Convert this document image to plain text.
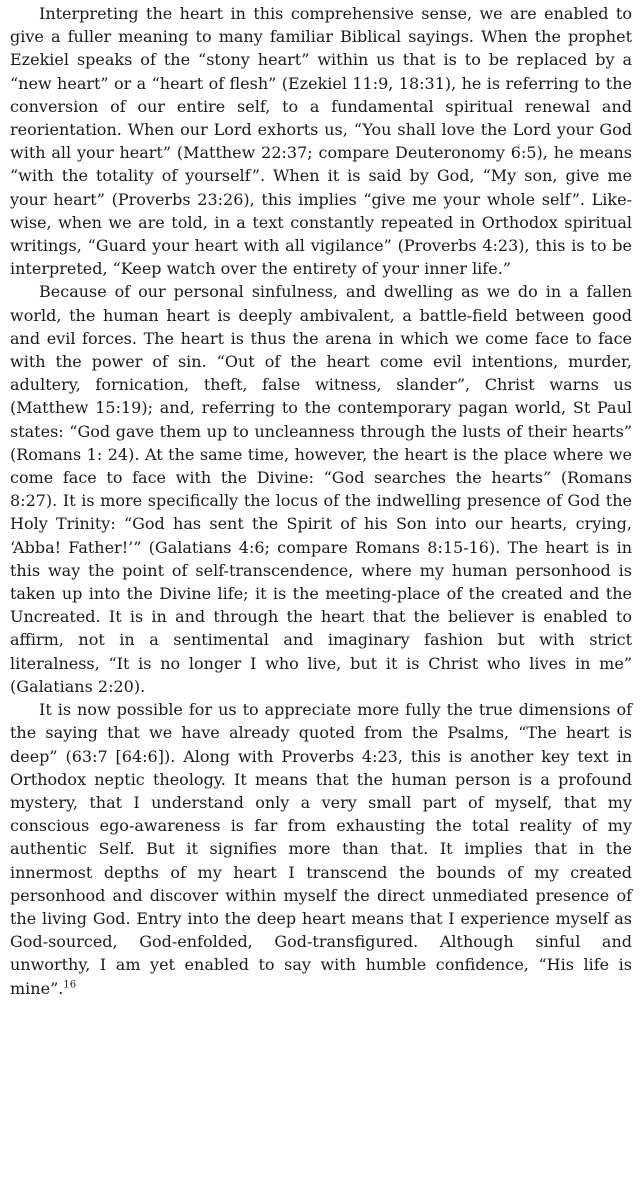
Interpreting the heart in this comprehensive sense, we are enabled to give a fuller meaning to many familiar Biblical sayings. When the prophet Ezekiel speaks of the “stony heart” within us that is to be replaced by a “new heart” or a “heart of flesh” (Ezekiel 11:9, 18:31), he is referring to the conversion of our entire self, to a fundamental spiritual renewal and reorientation. When our Lord exhorts us, “You shall love the Lord your God with all your heart” (Matthew 22:37; compare Deuteronomy 6:5), he means “with the totality of yourself”. When it is said by God, “My son, give me your heart” (Proverbs 23:26), this implies “give me your whole self”. Likewise, when we are told, in a text constantly repeated in Orthodox spiritual writings, “Guard your heart with all vigilance” (Proverbs 4:23), this is to be interpreted, “Keep watch over the entirety of your inner life.”

Because of our personal sinfulness, and dwelling as we do in a fallen world, the human heart is deeply ambivalent, a battle-field between good and evil forces. The heart is thus the arena in which we come face to face with the power of sin. “Out of the heart come evil intentions, murder, adultery, fornication, theft, false witness, slander”, Christ warns us (Matthew 15:19); and, referring to the contemporary pagan world, St Paul states: “God gave them up to uncleanness through the lusts of their hearts” (Romans 1: 24). At the same time, however, the heart is the place where we come face to face with the Divine: “God searches the hearts” (Romans 8:27). It is more specifically the locus of the indwelling presence of God the Holy Trinity: “God has sent the Spirit of his Son into our hearts, crying, ‘Abba! Father!’” (Galatians 4:6; compare Romans 8:15-16). The heart is in this way the point of self-transcendence, where my human personhood is taken up into the Divine life; it is the meeting-place of the created and the Uncreated. It is in and through the heart that the believer is enabled to affirm, not in a sentimental and imaginary fashion but with strict literalness, “It is no longer I who live, but it is Christ who lives in me” (Galatians 2:20).

It is now possible for us to appreciate more fully the true dimensions of the saying that we have already quoted from the Psalms, “The heart is deep” (63:7 [64:6]). Along with Proverbs 4:23, this is another key text in Orthodox neptic theology. It means that the human person is a profound mystery, that I understand only a very small part of myself, that my conscious ego-awareness is far from exhausting the total reality of my authentic Self. But it signifies more than that. It implies that in the innermost depths of my heart I transcend the bounds of my created personhood and discover within myself the direct unmediated presence of the living God. Entry into the deep heart means that I experience myself as God-sourced, God-enfolded, God-transfigured. Although sinful and unworthy, I am yet enabled to say with humble confidence, “His life is mine”.$^{16}$
